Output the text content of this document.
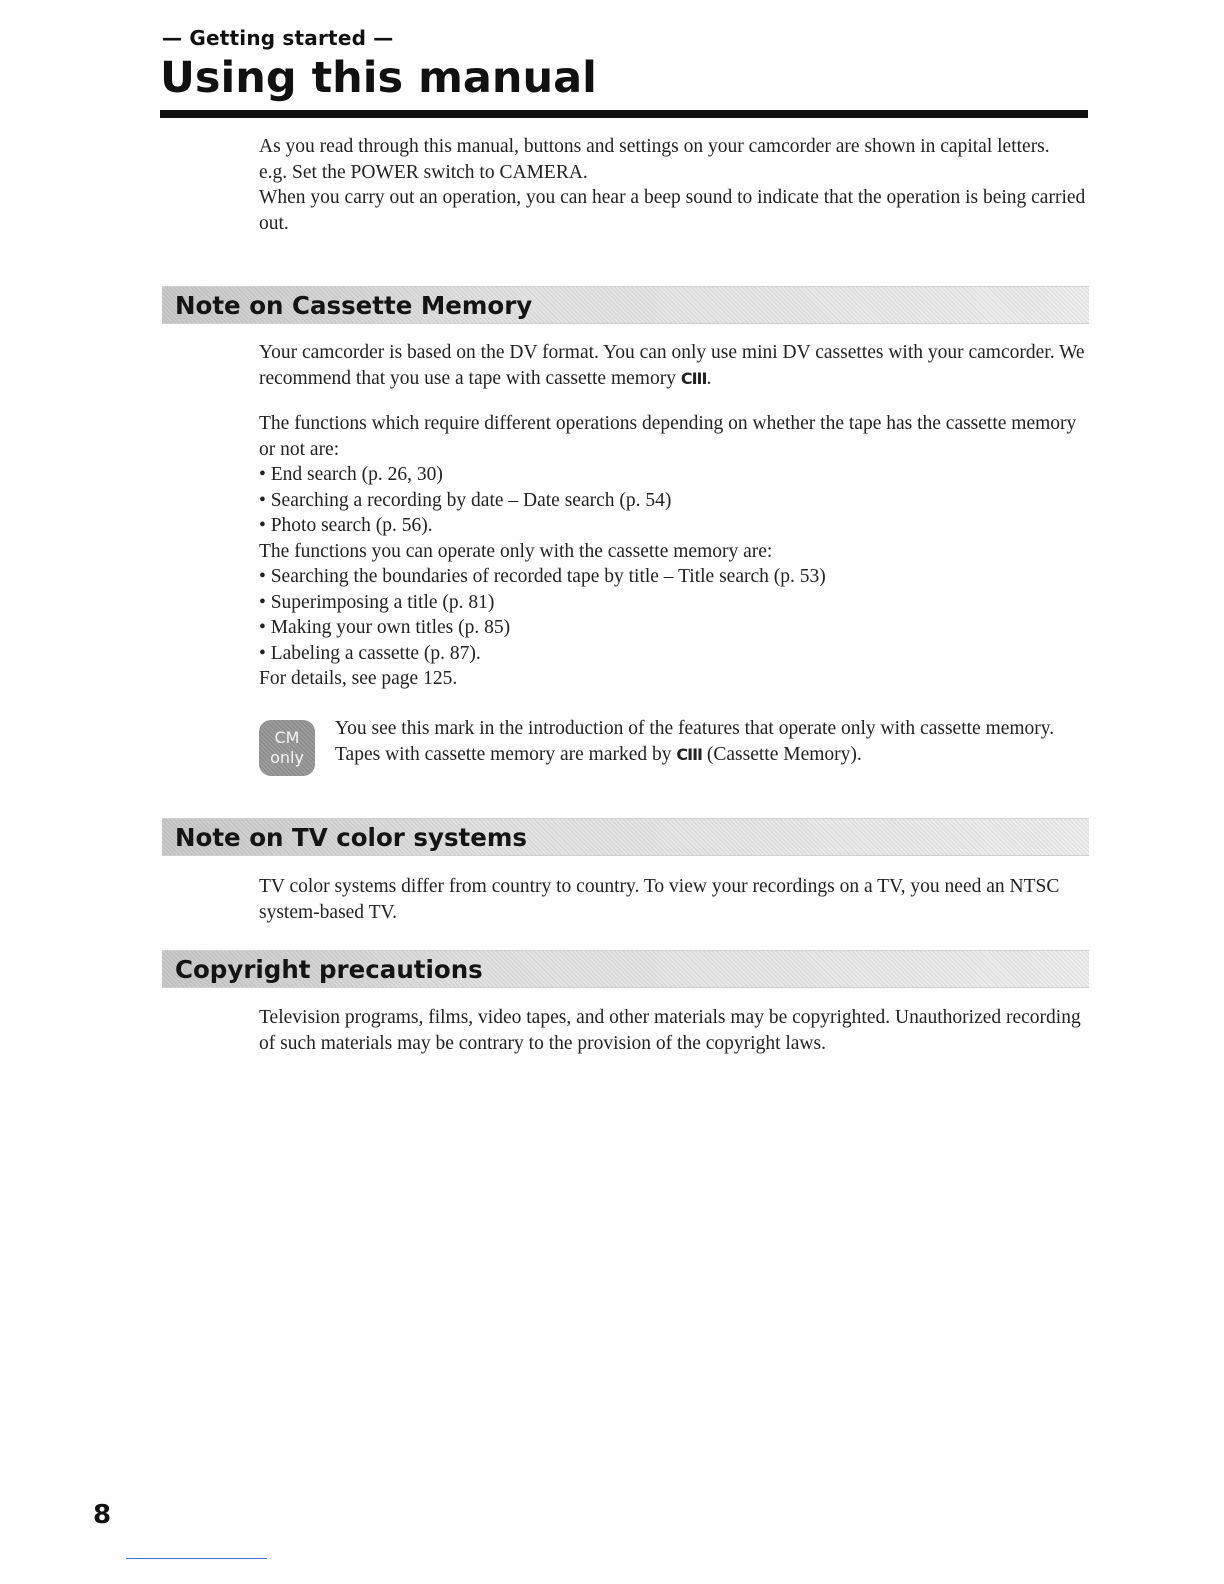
— Getting started —
Using this manual

As you read through this manual, buttons and settings on your camcorder are shown in capital letters.

e.g. Set the POWER switch to CAMERA.

When you carry out an operation, you can hear a beep sound to indicate that the operation is being carried out.

Note on Cassette Memory

Your camcorder is based on the DV format. You can only use mini DV cassettes with your camcorder. We recommend that you use a tape with cassette memory CΙΙΙ.

The functions which require different operations depending on whether the tape has the cassette memory or not are:

• End search (p. 26, 30)

• Searching a recording by date – Date search (p. 54)

• Photo search (p. 56).

The functions you can operate only with the cassette memory are:

• Searching the boundaries of recorded tape by title – Title search (p. 53)

• Superimposing a title (p. 81)

• Making your own titles (p. 85)

• Labeling a cassette (p. 87).

For details, see page 125.

CM
only

You see this mark in the introduction of the features that operate only with cassette memory.

Tapes with cassette memory are marked by CΙΙΙ (Cassette Memory).

Note on TV color systems
TV color systems differ from country to country. To view your recordings on a TV, you need an NTSC system-based TV.
Copyright precautions
Television programs, films, video tapes, and other materials may be copyrighted. Unauthorized recording of such materials may be contrary to the provision of the copyright laws.
8
